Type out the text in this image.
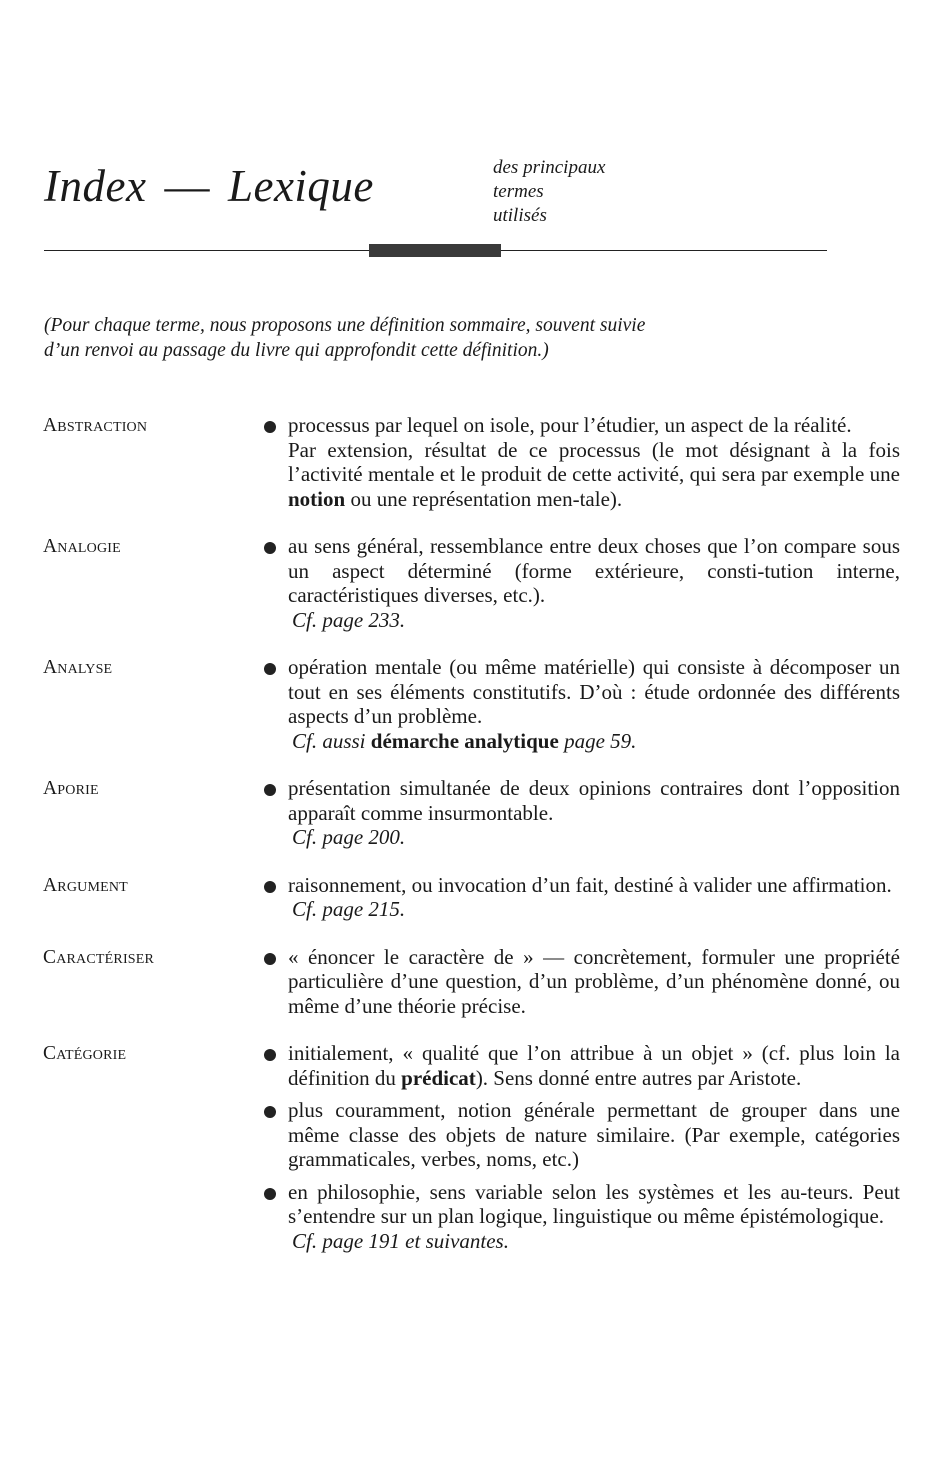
Index — Lexique	des principaux
termes
utilisés
(Pour chaque terme, nous proposons une définition sommaire, souvent suivie
d’un renvoi au passage du livre qui approfondit cette définition.)
Abstraction	processus par lequel on isole, pour l’étudier, un aspect de la réalité.
Par extension, résultat de ce processus (le mot désignant à la fois l’activité mentale et le produit de cette activité, qui sera par exemple une notion ou une représentation men-tale).
Analogie	au sens général, ressemblance entre deux choses que l’on compare sous un aspect déterminé (forme extérieure, consti-tution interne, caractéristiques diverses, etc.).
Cf. page 233.
Analyse	opération mentale (ou même matérielle) qui consiste à décomposer un tout en ses éléments constitutifs. D’où : étude ordonnée des différents aspects d’un problème.
Cf. aussi démarche analytique page 59.
Aporie	présentation simultanée de deux opinions contraires dont l’opposition apparaît comme insurmontable.
Cf. page 200.
Argument	raisonnement, ou invocation d’un fait, destiné à valider une affirmation.
Cf. page 215.
Caractériser	« énoncer le caractère de » — concrètement, formuler une propriété particulière d’une question, d’un problème, d’un phénomène donné, ou même d’une théorie précise.
Catégorie	initialement, « qualité que l’on attribue à un objet » (cf. plus loin la définition du prédicat). Sens donné entre autres par Aristote.
plus couramment, notion générale permettant de grouper dans une même classe des objets de nature similaire. (Par exemple, catégories grammaticales, verbes, noms, etc.)
en philosophie, sens variable selon les systèmes et les au-teurs. Peut s’entendre sur un plan logique, linguistique ou même épistémologique.
Cf. page 191 et suivantes.
